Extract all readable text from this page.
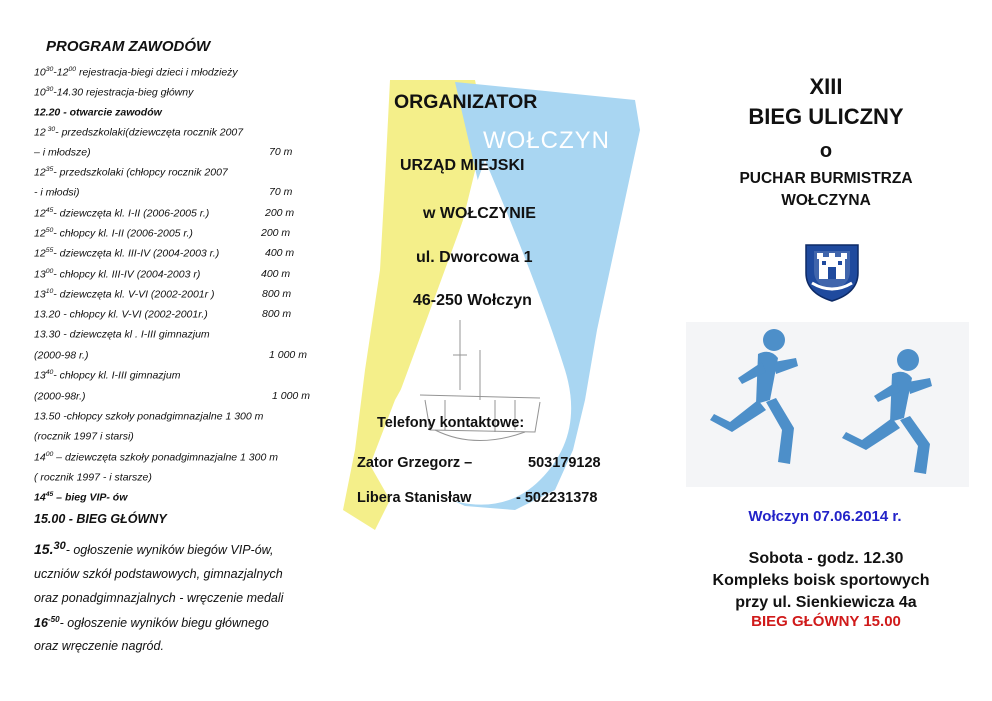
PROGRAM ZAWODÓW
$10^{30}-12^{00}$ rejestracja-biegi dzieci i młodzieży
$10^{30}-14.30$ rejestracja-bieg główny
12.20 - otwarcie zawodów
12 $^{30}$- przedszkolaki(dziewczęta rocznik 2007
– i młodsze)	70 m
$12^{35}-$ przedszkolaki (chłopcy rocznik 2007
- i młodsi)	70 m
$12^{45}-$ dziewczęta kl. I-II (2006-2005 r.)	200 m
$12^{50}-$ chłopcy kl. I-II (2006-2005 r.)	200 m
$12^{55}-$ dziewczęta kl. III-IV (2004-2003 r.)	400 m
$13^{00}-$ chłopcy kl. III-IV (2004-2003 r)	400 m
$13^{10}-$ dziewczęta kl. V-VI (2002-2001r )	800 m
13.20 - chłopcy kl. V-VI (2002-2001r.)	800 m
13.30 - dziewczęta kl . I-III gimnazjum
(2000-98 r.)	1 000 m
$13^{40}-$ chłopcy kl. I-III gimnazjum
(2000-98r.)	1 000 m
13.50 -chłopcy szkoły ponadgimnazjalne 1 300 m
(rocznik 1997 i starsi)
$14^{00}$ – dziewczęta szkoły ponadgimnazjalne 1 300 m
( rocznik 1997 - i starsze)
$14^{45}$ – bieg VIP- ów
15.00 - BIEG GŁÓWNY
15.30- ogłoszenie wyników biegów VIP-ów,
uczniów szkół podstawowych, gimnazjalnych
oraz ponadgimnazjalnych - wręczenie medali
$16^{-50}-$ ogłoszenie wyników biegu głównego
oraz wręczenie nagród.
WOŁCZYN
ORGANIZATOR
URZĄD MIEJSKI
w WOŁCZYNIE
ul. Dworcowa 1
46-250 Wołczyn
Telefony kontaktowe:
Zator Grzegorz –	503179128
Libera Stanisław	- 502231378
XIII
BIEG ULICZNY
o
PUCHAR BURMISTRZA
WOŁCZYNA
Wołczyn 07.06.2014 r.
Sobota - godz. 12.30
Kompleks boisk sportowych
przy ul. Sienkiewicza 4a
BIEG GŁÓWNY 15.00
